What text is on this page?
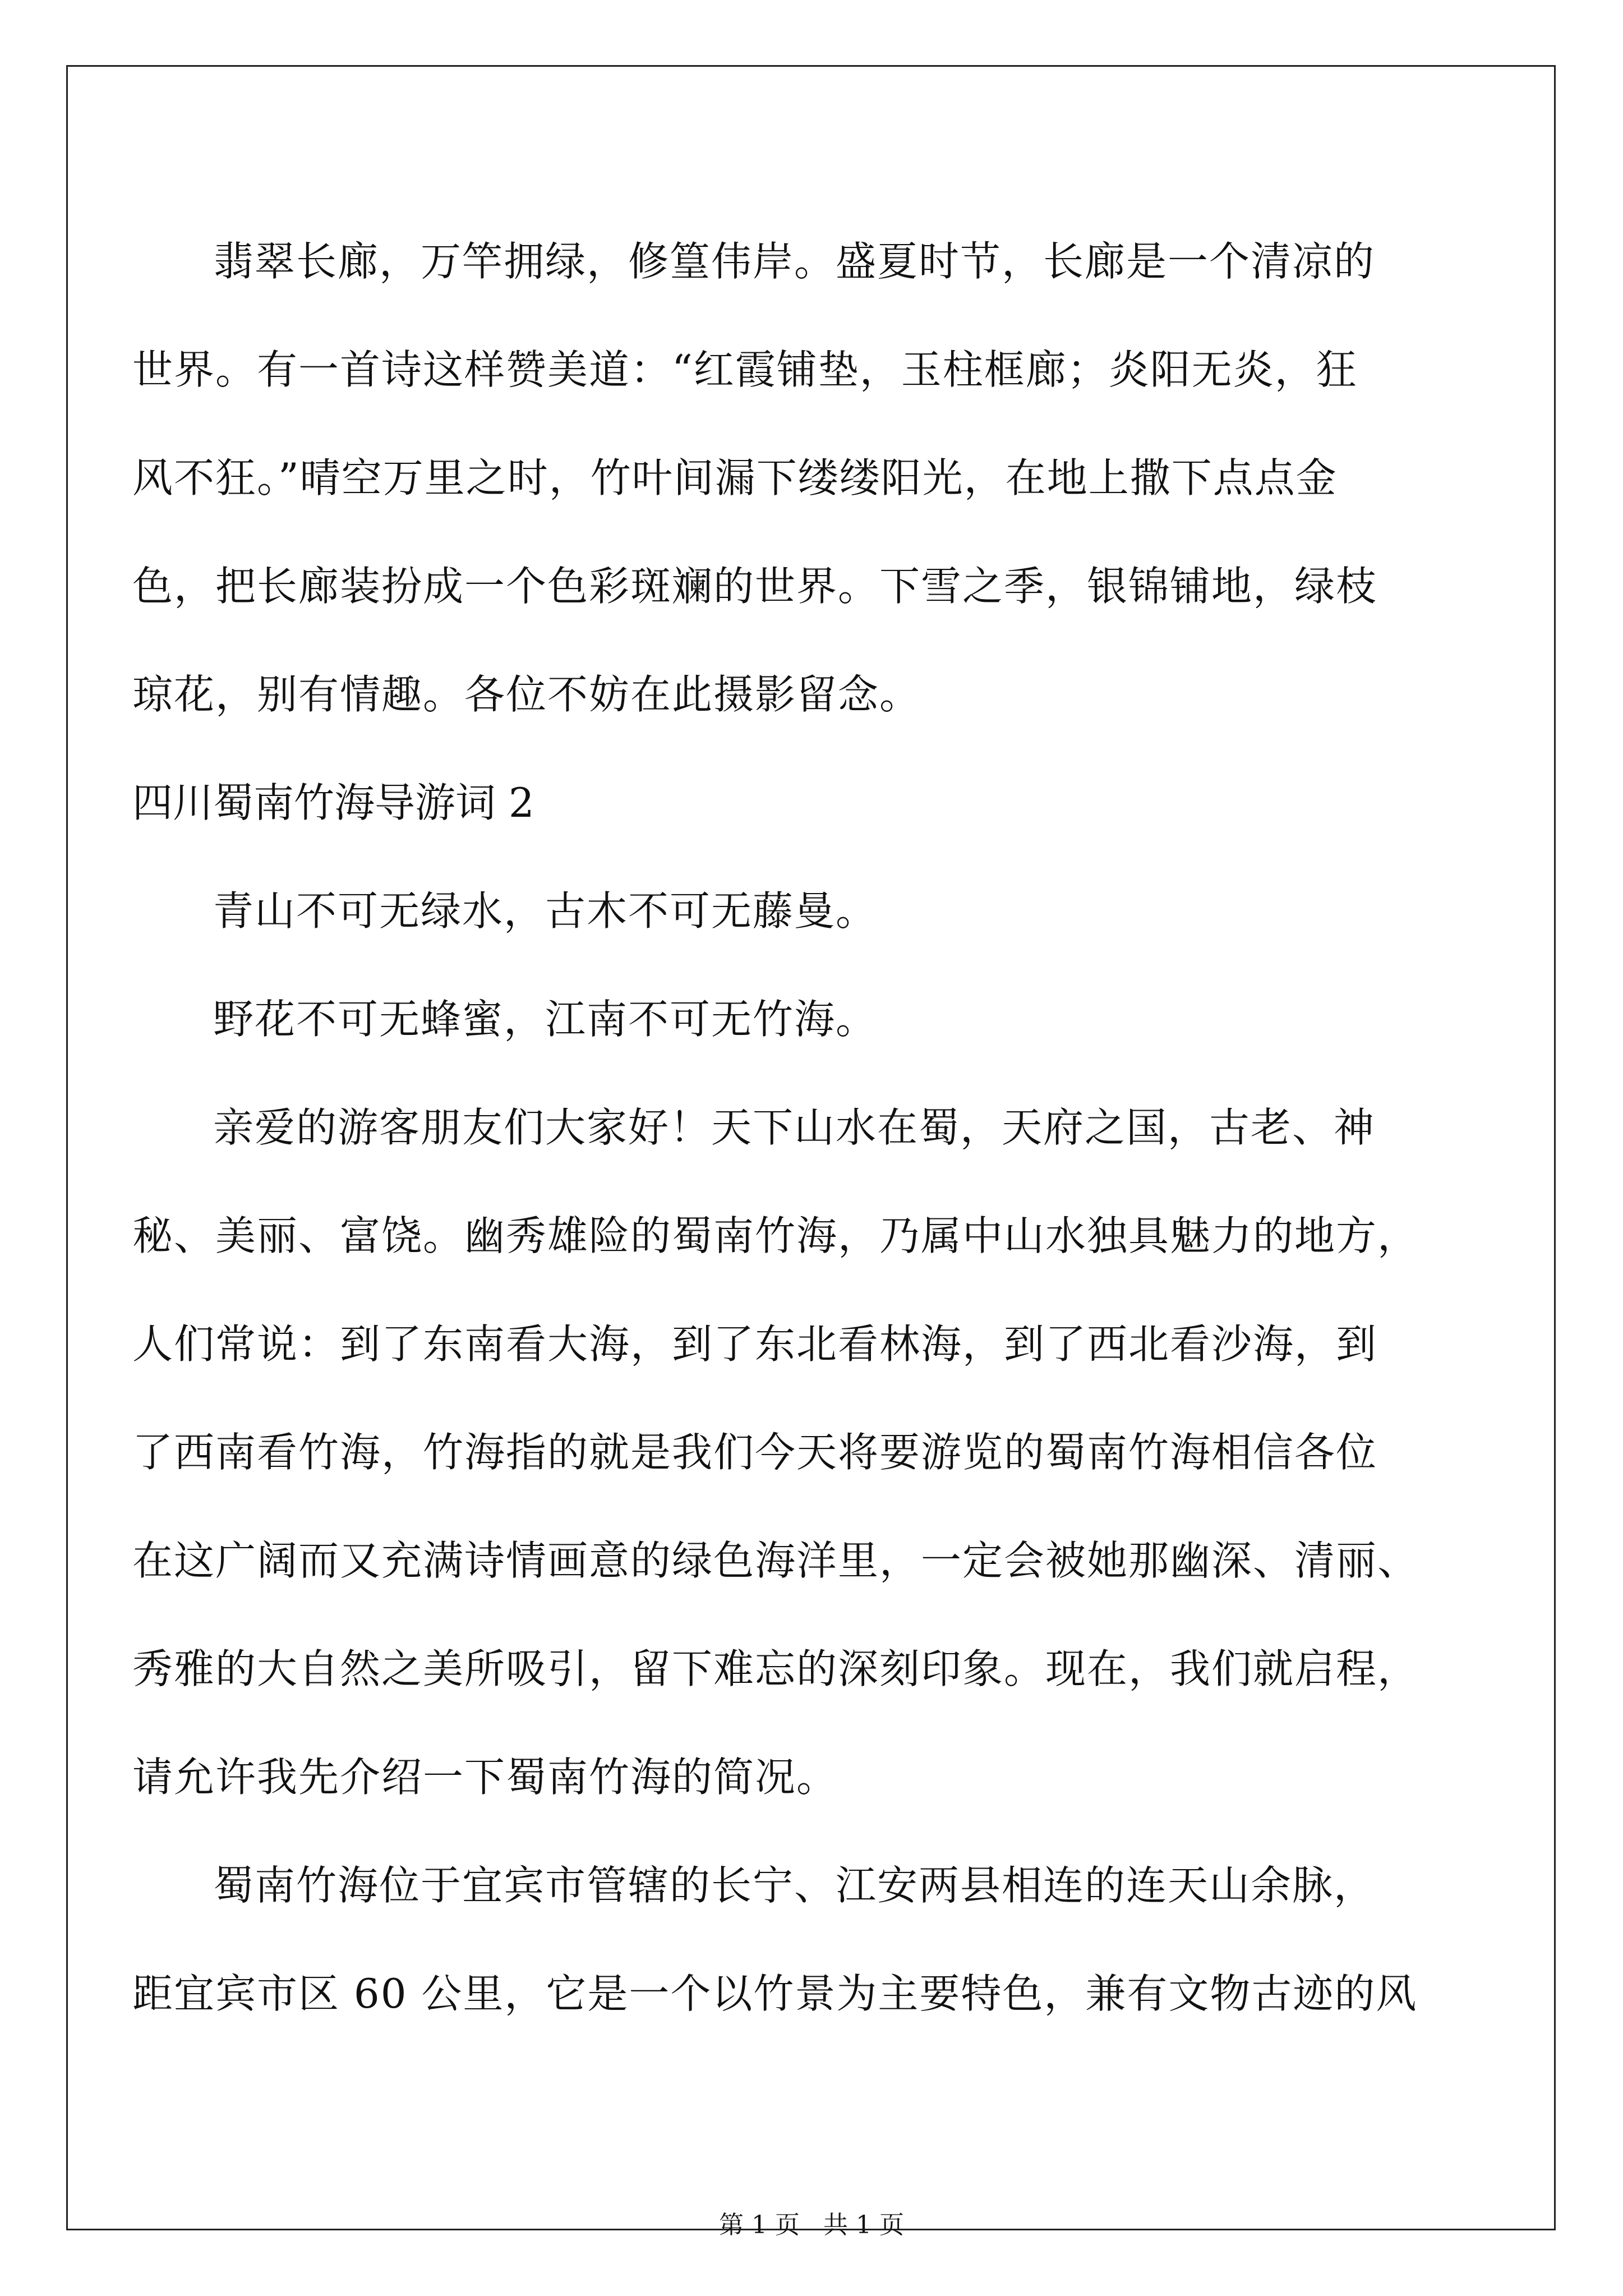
翡翠长廊，万竿拥绿，修篁伟岸。盛夏时节，长廊是一个清凉的

世界。有一首诗这样赞美道：“红霞铺垫，玉柱框廊；炎阳无炎，狂

风不狂。”晴空万里之时，竹叶间漏下缕缕阳光，在地上撒下点点金

色，把长廊装扮成一个色彩斑斓的世界。下雪之季，银锦铺地，绿枝

琼花，别有情趣。各位不妨在此摄影留念。

四川蜀南竹海导游词 2

青山不可无绿水，古木不可无藤曼。

野花不可无蜂蜜，江南不可无竹海。

亲爱的游客朋友们大家好！天下山水在蜀，天府之国，古老、神

秘、美丽、富饶。幽秀雄险的蜀南竹海，乃属中山水独具魅力的地方，

人们常说：到了东南看大海，到了东北看林海，到了西北看沙海，到

了西南看竹海，竹海指的就是我们今天将要游览的蜀南竹海相信各位

在这广阔而又充满诗情画意的绿色海洋里，一定会被她那幽深、清丽、

秀雅的大自然之美所吸引，留下难忘的深刻印象。现在，我们就启程，

请允许我先介绍一下蜀南竹海的简况。

蜀南竹海位于宜宾市管辖的长宁、江安两县相连的连天山余脉，

距宜宾市区 60 公里，它是一个以竹景为主要特色，兼有文物古迹的风

第 1 页 共 1 页
